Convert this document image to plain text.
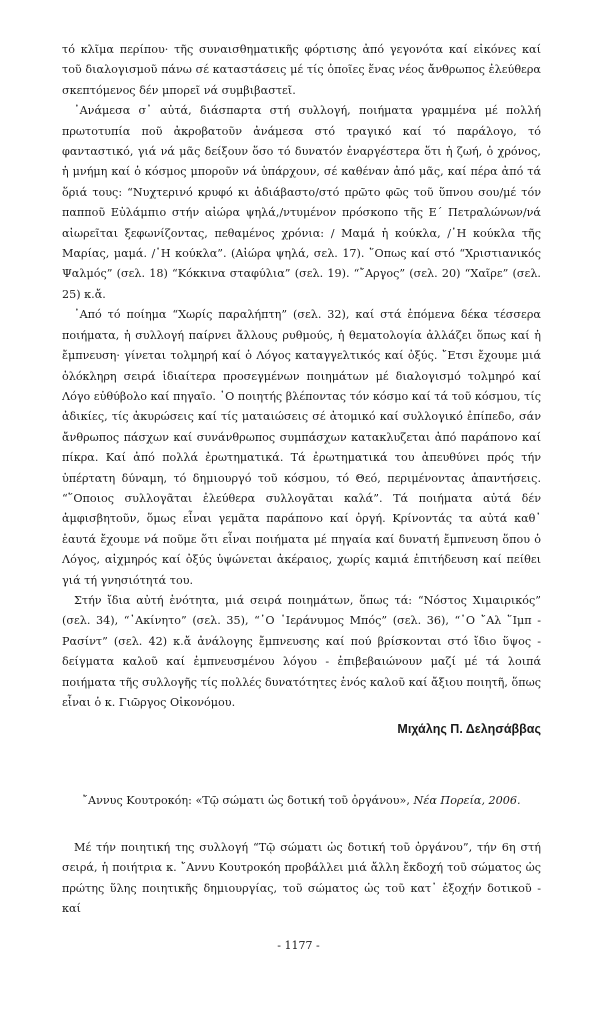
τό κλῖμα περίπου· τῆς συναισθηματικῆς φόρτισης ἀπό γεγονότα καί εἰκόνες καί τοῦ διαλογισμοῦ πάνω σέ καταστάσεις μέ τίς ὁποῖες ἕνας νέος ἄνθρωπος ἐλεύθερα σκεπτόμενος δέν μπορεῖ νά συμβιβαστεῖ.

᾿Ανάμεσα σ᾿ αὐτά, διάσπαρτα στή συλλογή, ποιήματα γραμμένα μέ πολλή πρωτοτυπία ποῦ ἀκροβατοῦν ἀνάμεσα στό τραγικό καί τό παράλογο, τό φανταστικό, γιά νά μᾶς δείξουν ὅσο τό δυνατόν ἐναργέστερα ὅτι ἡ ζωή, ὁ χρόνος, ἡ μνήμη καί ὁ κόσμος μποροῦν νά ὑπάρχουν, σέ καθέναν ἀπό μᾶς, καί πέρα ἀπό τά ὅριά τους: “Νυχτερινό κρυφό κι ἀδιάβαστο/στό πρῶτο φῶς τοῦ ὕπνου σου/μέ τόν παπποῦ Εὐλάμπιο στήν αἰώρα ψηλά,/ντυμένον πρόσκοπο τῆς Ε΄ Πετραλώνων/νά αἰωρεῖται ξεφωνίζοντας, πεθαμένος χρόνια: / Μαμά ἡ κούκλα, /῾Η κούκλα τῆς Μαρίας, μαμά. /῾Η κούκλα”. (Αἰώρα ψηλά, σελ. 17). ῞Οπως καί στό “Χριστιανικός Ψαλμός” (σελ. 18) “Κόκκινα σταφύλια” (σελ. 19). “῎Αργος” (σελ. 20) “Χαῖρε” (σελ. 25) κ.ἄ.

᾿Από τό ποίημα “Χωρίς παραλήπτη” (σελ. 32), καί στά ἑπόμενα δέκα τέσσερα ποιήματα, ἡ συλλογή παίρνει ἄλλους ρυθμούς, ἡ θεματολογία ἀλλάζει ὅπως καί ἡ ἔμπνευση· γίνεται τολμηρή καί ὁ Λόγος καταγγελτικός καί ὀξύς. ῎Ετσι ἔχουμε μιά ὁλόκληρη σειρά ἰδιαίτερα προσεγμένων ποιημάτων μέ διαλογισμό τολμηρό καί Λόγο εὐθύβολο καί πηγαῖο. ῾Ο ποιητής βλέποντας τόν κόσμο καί τά τοῦ κόσμου, τίς ἀδικίες, τίς ἀκυρώσεις καί τίς ματαιώσεις σέ ἀτομικό καί συλλογικό ἐπίπεδο, σάν ἄνθρωπος πάσχων καί συνάνθρωπος συμπάσχων κατακλυζεται ἀπό παράπονο καί πίκρα. Καί ἀπό πολλά ἐρωτηματικά. Τά ἐρωτηματικά του ἀπευθύνει πρός τήν ὑπέρτατη δύναμη, τό δημιουργό τοῦ κόσμου, τό Θεό, περιμένοντας ἀπαντήσεις. “῞Οποιος συλλογᾶται ἐλεύθερα συλλογᾶται καλά”. Τά ποιήματα αὐτά δέν ἀμφισβητοῦν, ὅμως εἶναι γεμᾶτα παράπονο καί ὀργή. Κρίνοντάς τα αὐτά καθ᾿ ἑαυτά ἔχουμε νά ποῦμε ὅτι εἶναι ποιήματα μέ πηγαία καί δυνατή ἔμπνευση ὅπου ὁ Λόγος, αἰχμηρός καί ὀξύς ὑψώνεται ἀκέραιος, χωρίς καμιά ἐπιτήδευση καί πείθει γιά τή γνησιότητά του.

Στήν ἴδια αὐτή ἑνότητα, μιά σειρά ποιημάτων, ὅπως τά: “Νόστος Χιμαιρικός” (σελ. 34), “᾿Ακίνητο” (σελ. 35), “῾Ο ῾Ιεράνυμος Μπός” (σελ. 36), “῾Ο ῎Αλ ῞Ιμπ - Ρασίντ” (σελ. 42) κ.ἄ ἀνάλογης ἔμπνευσης καί πού βρίσκονται στό ἴδιο ὕψος - δείγματα καλοῦ καί ἐμπνευσμένου λόγου - ἐπιβεβαιώνουν μαζί μέ τά λοιπά ποιήματα τῆς συλλογῆς τίς πολλές δυνατότητες ἑνός καλοῦ καί ἄξιου ποιητῆ, ὅπως εἶναι ὁ κ. Γιῶργος Οἰκονόμου.

Μιχάλης Π. Δελησάββας

῎Αννυς Κουτροκόη: «Τῷ σώματι ὡς δοτική τοῦ ὀργάνου», Νέα Πορεία, 2006.

Μέ τήν ποιητική της συλλογή “Τῷ σώματι ὡς δοτική τοῦ ὀργάνου”, τήν 6η στή σειρά, ἡ ποιήτρια κ. ῎Αννυ Κουτροκόη προβάλλει μιά ἄλλη ἔκδοχή τοῦ σώματος ὡς πρώτης ὕλης ποιητικῆς δημιουργίας, τοῦ σώματος ὡς τοῦ κατ᾿ ἐξοχήν δοτικοῦ - καί

- 1177 -
